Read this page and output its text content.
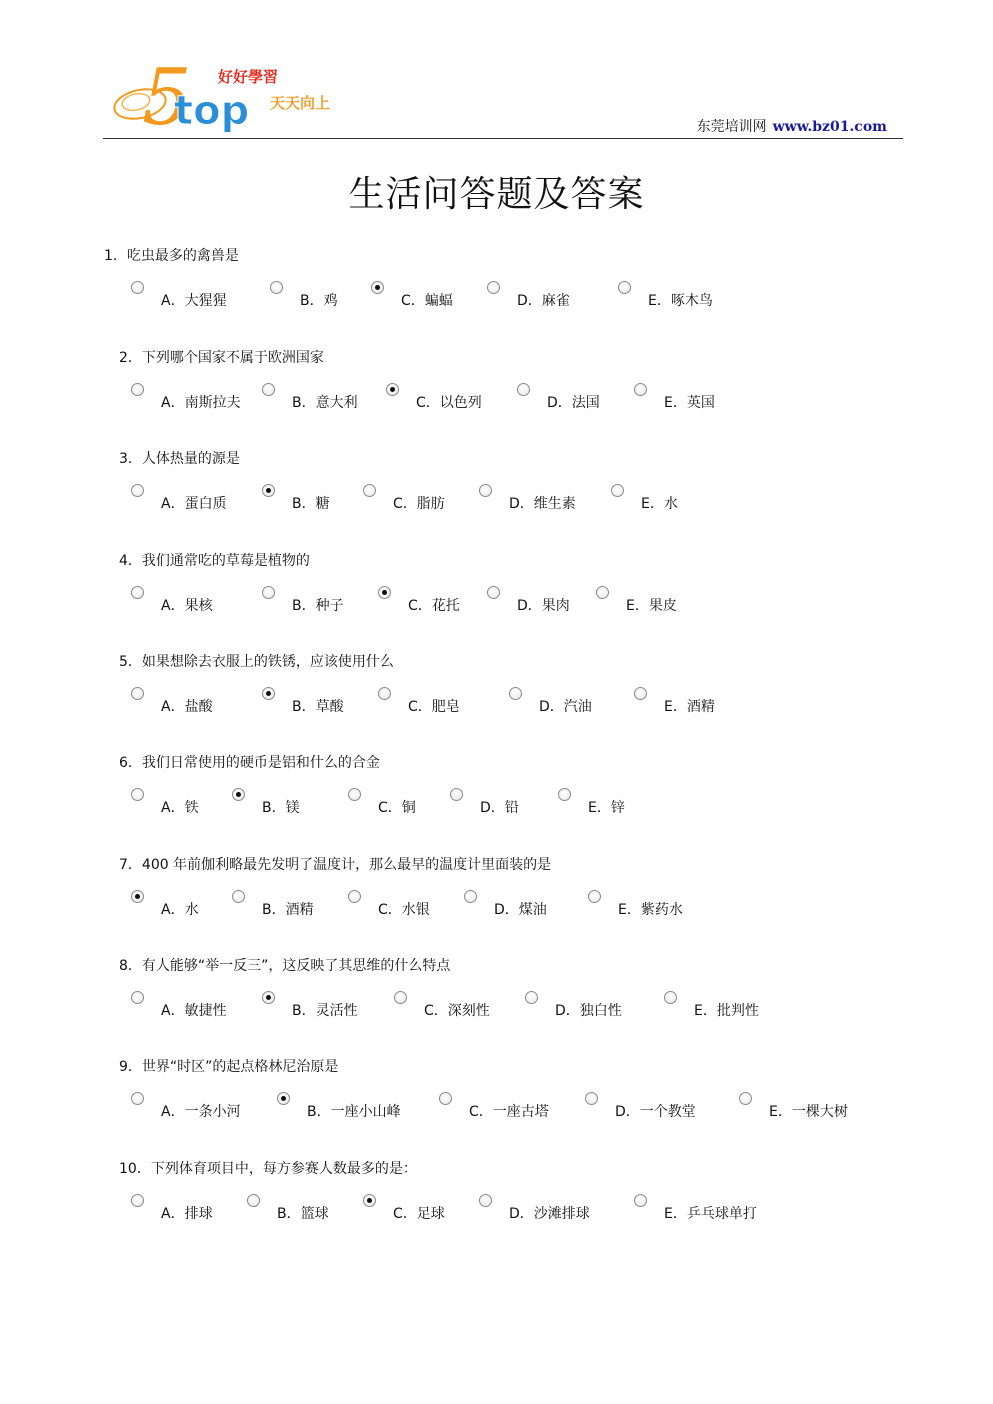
5
top
好好學習
天天向上
东莞培训网 www.bz01.com
生活问答题及答案
1．吃虫最多的禽兽是
A．大猩猩	B．鸡	C．蝙蝠	D．麻雀	E．啄木鸟
2．下列哪个国家不属于欧洲国家
A．南斯拉夫	B．意大利	C．以色列	D．法国	E．英国
3．人体热量的源是
A．蛋白质	B．糖	C．脂肪	D．维生素	E．水
4．我们通常吃的草莓是植物的
A．果核	B．种子	C．花托	D．果肉	E．果皮
5．如果想除去衣服上的铁锈，应该使用什么
A．盐酸	B．草酸	C．肥皂	D．汽油	E．酒精
6．我们日常使用的硬币是铝和什么的合金
A．铁	B．镁	C．铜	D．铅	E．锌
7．400 年前伽利略最先发明了温度计，那么最早的温度计里面装的是
A．水	B．酒精	C．水银	D．煤油	E．紫药水
8．有人能够“举一反三”，这反映了其思维的什么特点
A．敏捷性	B．灵活性	C．深刻性	D．独白性	E．批判性
9．世界“时区”的起点格林尼治原是
A．一条小河	B．一座小山峰	C．一座古塔	D．一个教堂	E．一棵大树
10．下列体育项目中，每方参赛人数最多的是：
A．排球	B．篮球	C．足球	D．沙滩排球	E．乒乓球单打
